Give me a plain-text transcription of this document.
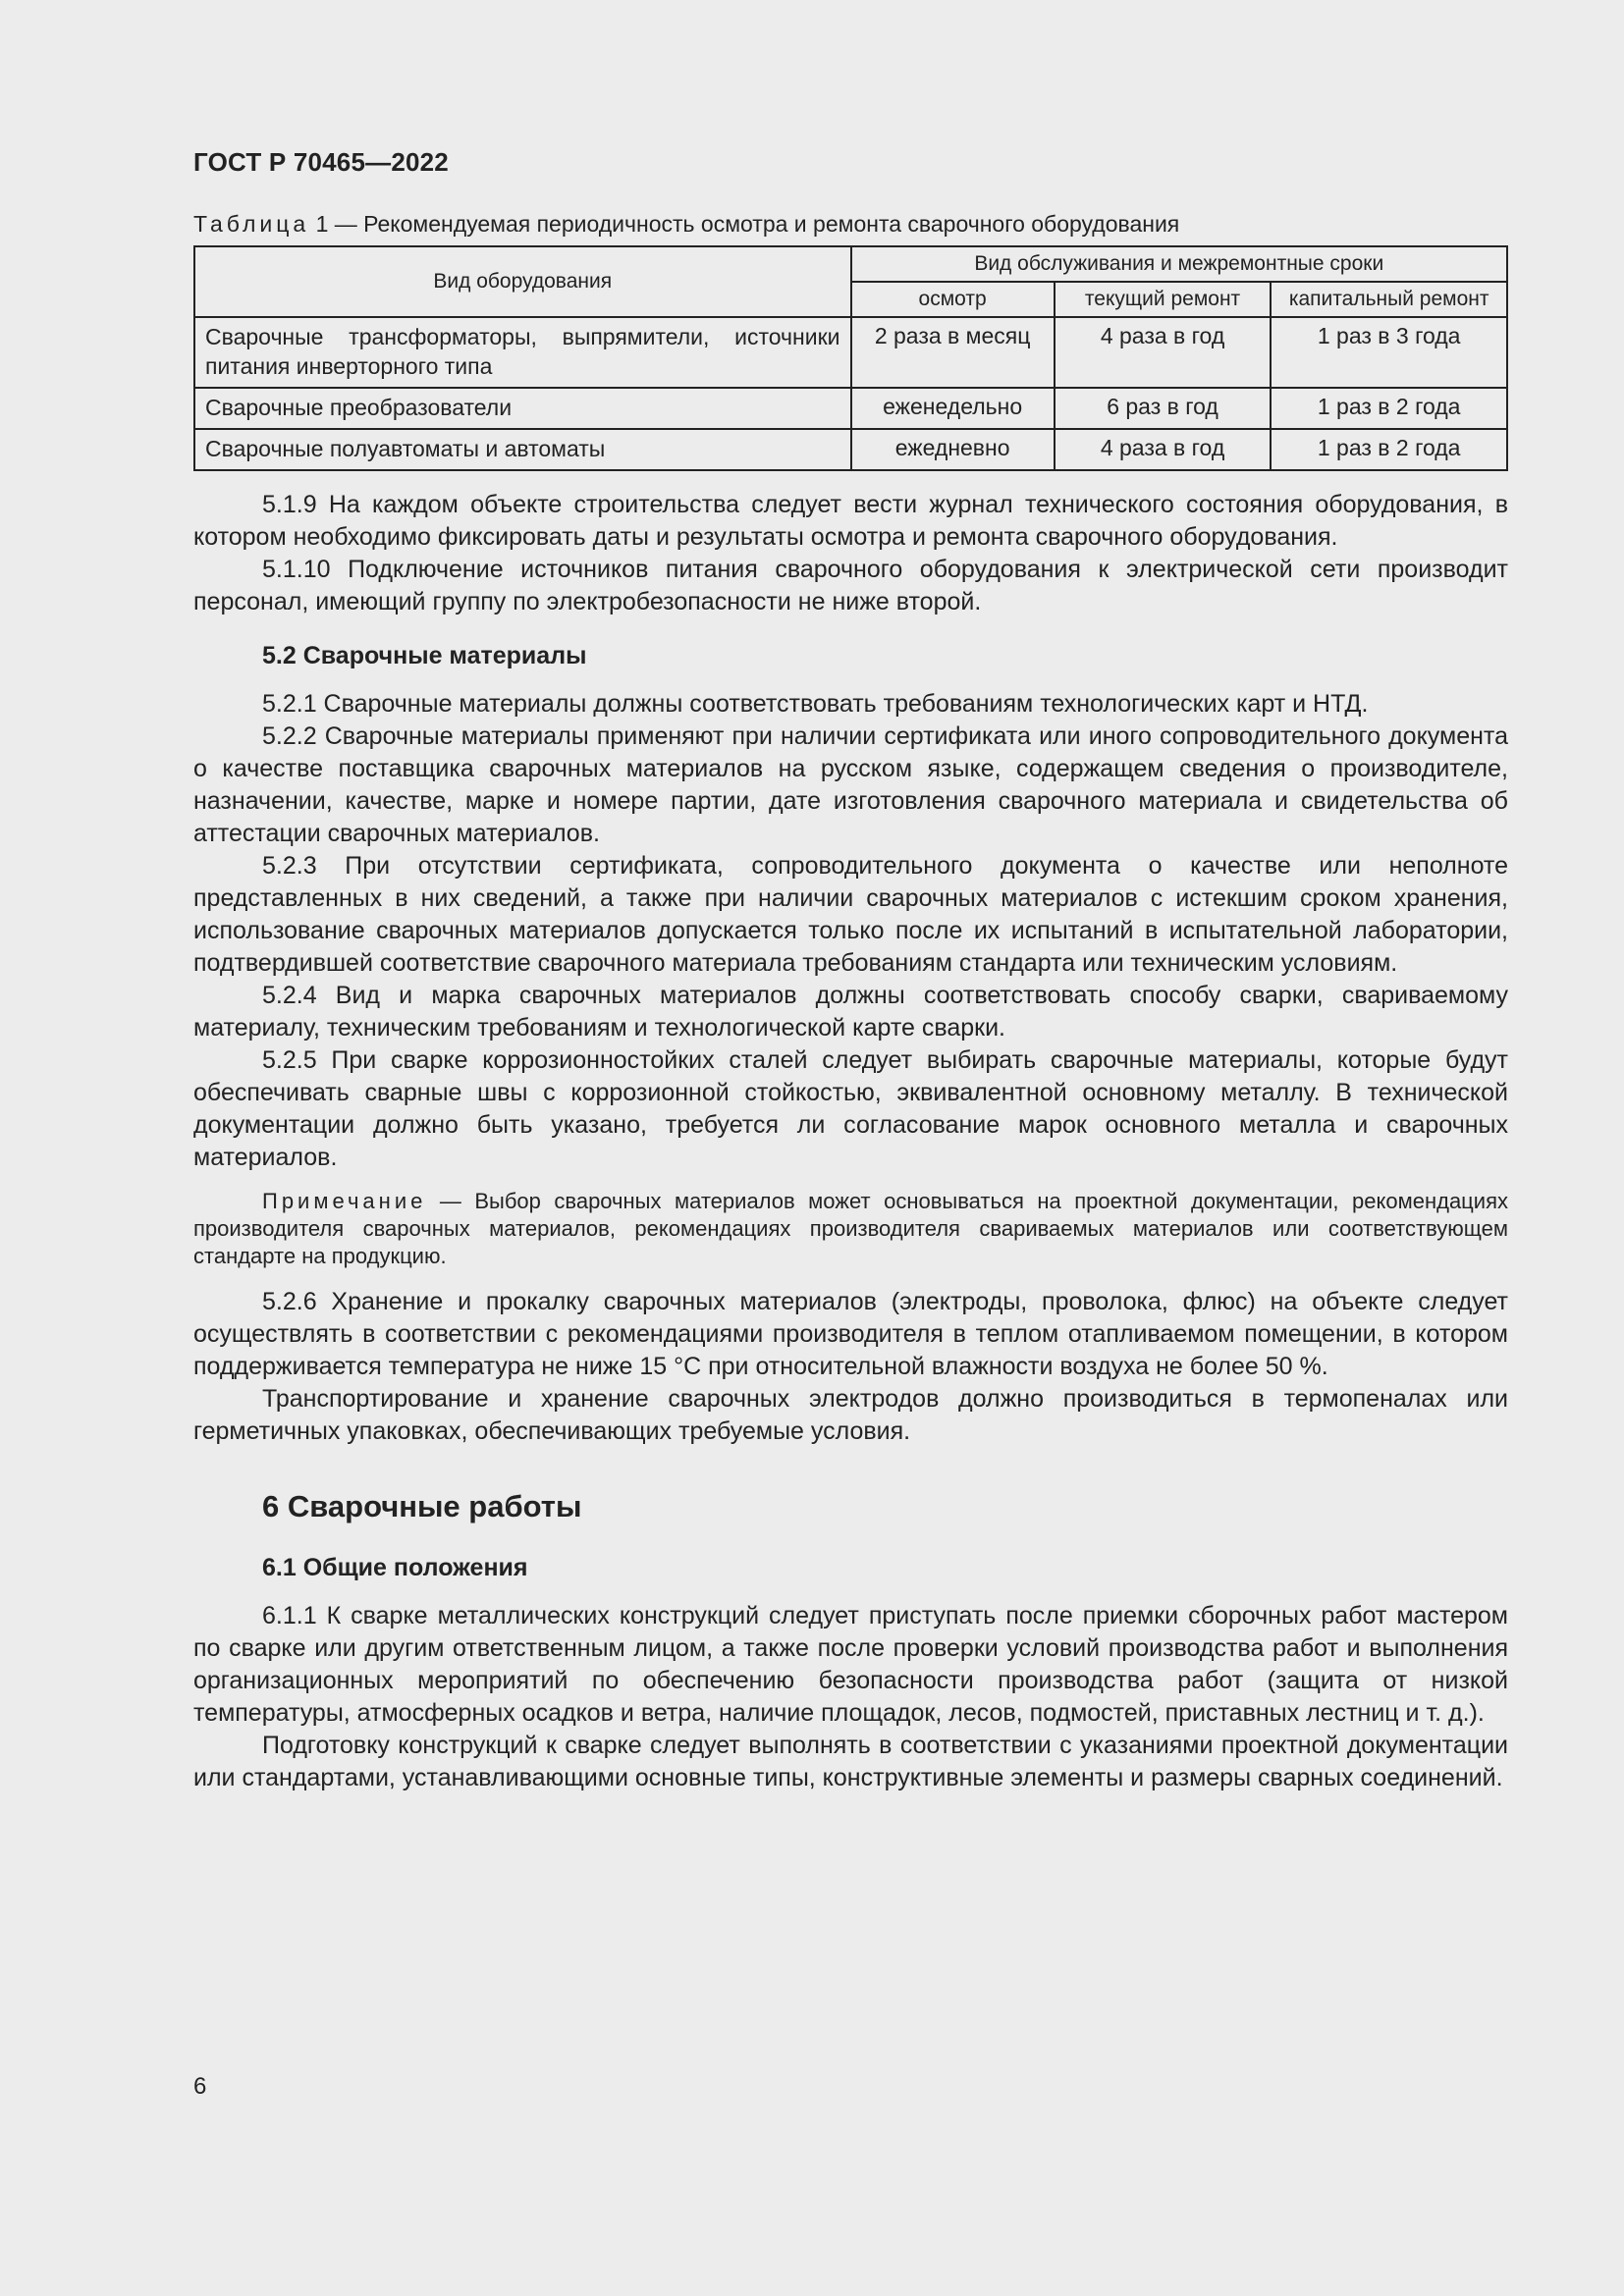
ГОСТ Р 70465—2022
Таблица 1 — Рекомендуемая периодичность осмотра и ремонта сварочного оборудования
Вид оборудования	Вид обслуживания и межремонтные сроки		
	осмотр	текущий ремонт	капитальный ремонт
Сварочные трансформаторы, выпрямители, источники питания инверторного типа	2 раза в месяц	4 раза в год	1 раз в 3 года
Сварочные преобразователи	еженедельно	6 раз в год	1 раз в 2 года
Сварочные полуавтоматы и автоматы	ежедневно	4 раза в год	1 раз в 2 года

5.1.9 На каждом объекте строительства следует вести журнал технического состояния оборудования, в котором необходимо фиксировать даты и результаты осмотра и ремонта сварочного оборудования.

5.1.10 Подключение источников питания сварочного оборудования к электрической сети производит персонал, имеющий группу по электробезопасности не ниже второй.

5.2 Сварочные материалы

5.2.1 Сварочные материалы должны соответствовать требованиям технологических карт и НТД.

5.2.2 Сварочные материалы применяют при наличии сертификата или иного сопроводительного документа о качестве поставщика сварочных материалов на русском языке, содержащем сведения о производителе, назначении, качестве, марке и номере партии, дате изготовления сварочного материала и свидетельства об аттестации сварочных материалов.

5.2.3 При отсутствии сертификата, сопроводительного документа о качестве или неполноте представленных в них сведений, а также при наличии сварочных материалов с истекшим сроком хранения, использование сварочных материалов допускается только после их испытаний в испытательной лаборатории, подтвердившей соответствие сварочного материала требованиям стандарта или техническим условиям.

5.2.4 Вид и марка сварочных материалов должны соответствовать способу сварки, свариваемому материалу, техническим требованиям и технологической карте сварки.

5.2.5 При сварке коррозионностойких сталей следует выбирать сварочные материалы, которые будут обеспечивать сварные швы с коррозионной стойкостью, эквивалентной основному металлу. В технической документации должно быть указано, требуется ли согласование марок основного металла и сварочных материалов.

Примечание — Выбор сварочных материалов может основываться на проектной документации, рекомендациях производителя сварочных материалов, рекомендациях производителя свариваемых материалов или соответствующем стандарте на продукцию.

5.2.6 Хранение и прокалку сварочных материалов (электроды, проволока, флюс) на объекте следует осуществлять в соответствии с рекомендациями производителя в теплом отапливаемом помещении, в котором поддерживается температура не ниже 15 °С при относительной влажности воздуха не более 50 %.

Транспортирование и хранение сварочных электродов должно производиться в термопеналах или герметичных упаковках, обеспечивающих требуемые условия.

6 Сварочные работы
6.1 Общие положения

6.1.1 К сварке металлических конструкций следует приступать после приемки сборочных работ мастером по сварке или другим ответственным лицом, а также после проверки условий производства работ и выполнения организационных мероприятий по обеспечению безопасности производства работ (защита от низкой температуры, атмосферных осадков и ветра, наличие площадок, лесов, подмостей, приставных лестниц и т. д.).

Подготовку конструкций к сварке следует выполнять в соответствии с указаниями проектной документации или стандартами, устанавливающими основные типы, конструктивные элементы и размеры сварных соединений.

6
